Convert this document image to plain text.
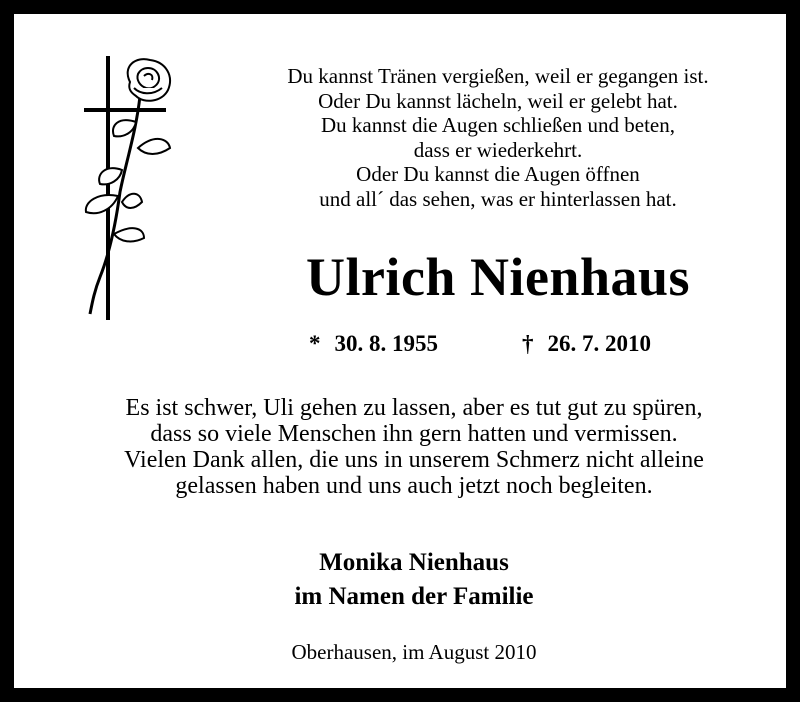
Du kannst Tränen vergießen, weil er gegangen ist.
Oder Du kannst lächeln, weil er gelebt hat.
Du kannst die Augen schließen und beten,
dass er wiederkehrt.
Oder Du kannst die Augen öffnen
und all´ das sehen, was er hinterlassen hat.
Ulrich Nienhaus
* 30. 8. 1955	† 26. 7. 2010
Es ist schwer, Uli gehen zu lassen, aber es tut gut zu spüren,
dass so viele Menschen ihn gern hatten und vermissen.
Vielen Dank allen, die uns in unserem Schmerz nicht alleine
gelassen haben und uns auch jetzt noch begleiten.
Monika Nienhaus
im Namen der Familie
Oberhausen, im August 2010
